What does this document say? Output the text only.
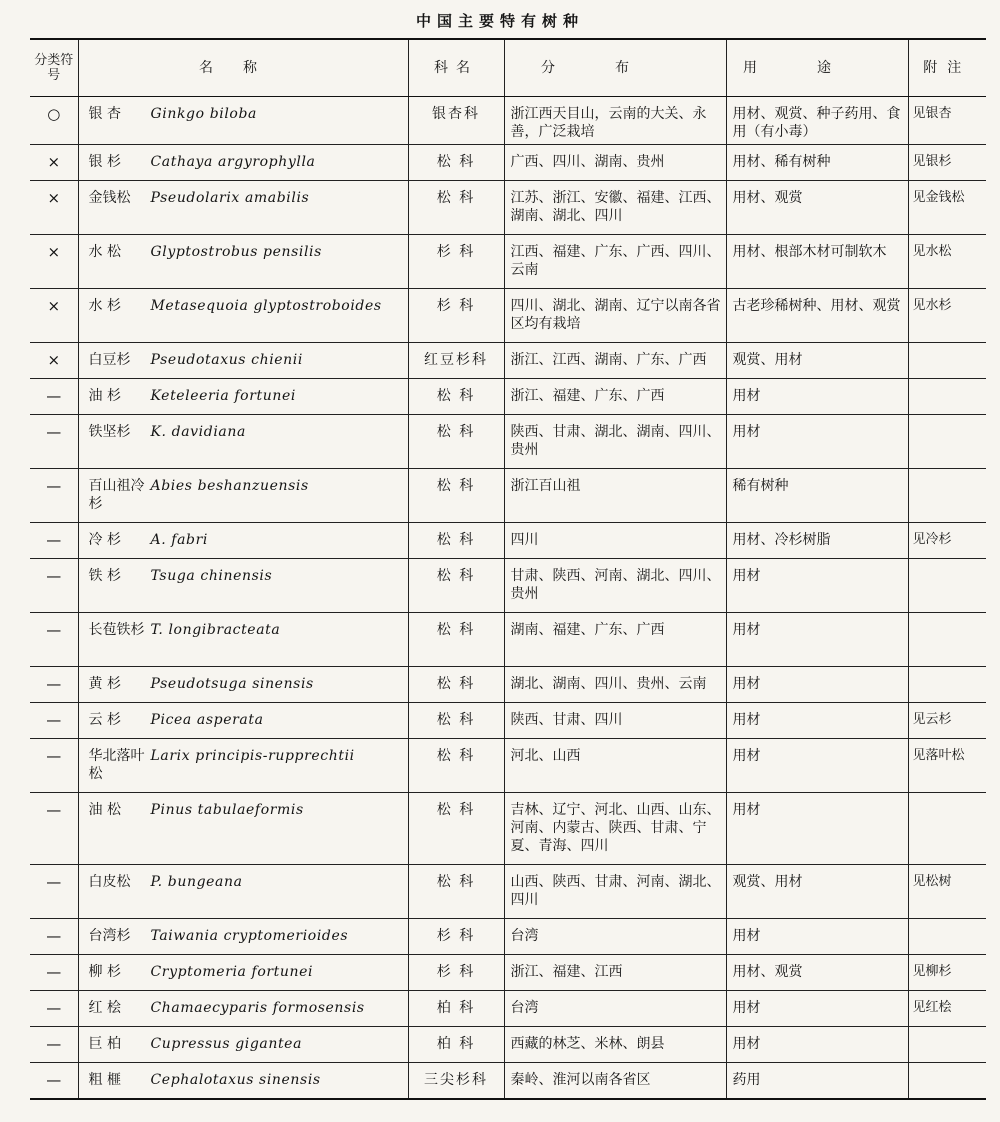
中国主要特有树种
分类符号	名称	科名	分布	用途	附注
○	银 杏 Ginkgo biloba	银杏科	浙江西天目山，云南的大关、永善，广泛栽培	用材、观赏、种子药用、食用（有小毒）	见银杏
×	银 杉 Cathaya argyrophylla	松 科	广西、四川、湖南、贵州	用材、稀有树种	见银杉
×	金钱松 Pseudolarix amabilis	松 科	江苏、浙江、安徽、福建、江西、湖南、湖北、四川	用材、观赏	见金钱松
×	水 松 Glyptostrobus pensilis	杉 科	江西、福建、广东、广西、四川、云南	用材、根部木材可制软木	见水松
×	水 杉 Metasequoia glyptostroboides	杉 科	四川、湖北、湖南、辽宁以南各省区均有栽培	古老珍稀树种、用材、观赏	见水杉
×	白豆杉 Pseudotaxus chienii	红豆杉科	浙江、江西、湖南、广东、广西	观赏、用材	
—	油 杉 Keteleeria fortunei	松 科	浙江、福建、广东、广西	用材	
—	铁坚杉 K. davidiana	松 科	陕西、甘肃、湖北、湖南、四川、贵州	用材	
—	百山祖冷杉Abies beshanzuensis	松 科	浙江百山祖	稀有树种	
—	冷 杉 A. fabri	松 科	四川	用材、冷杉树脂	见冷杉
—	铁 杉 Tsuga chinensis	松 科	甘肃、陕西、河南、湖北、四川、贵州	用材	
—	长苞铁杉 T. longibracteata	松 科	湖南、福建、广东、广西	用材	
—	黄 杉 Pseudotsuga sinensis	松 科	湖北、湖南、四川、贵州、云南	用材	
—	云 杉 Picea asperata	松 科	陕西、甘肃、四川	用材	见云杉
—	华北落叶松Larix principis-rupprechtii	松 科	河北、山西	用材	见落叶松
—	油 松 Pinus tabulaeformis	松 科	吉林、辽宁、河北、山西、山东、河南、内蒙古、陕西、甘肃、宁夏、青海、四川	用材	
—	白皮松 P. bungeana	松 科	山西、陕西、甘肃、河南、湖北、四川	观赏、用材	见松树
—	台湾杉 Taiwania cryptomerioides	杉 科	台湾	用材	
—	柳 杉 Cryptomeria fortunei	杉 科	浙江、福建、江西	用材、观赏	见柳杉
—	红 桧 Chamaecyparis formosensis	柏 科	台湾	用材	见红桧
—	巨 柏 Cupressus gigantea	柏 科	西藏的林芝、米林、朗县	用材	
—	粗 榧 Cephalotaxus sinensis	三尖杉科	秦岭、淮河以南各省区	药用	
